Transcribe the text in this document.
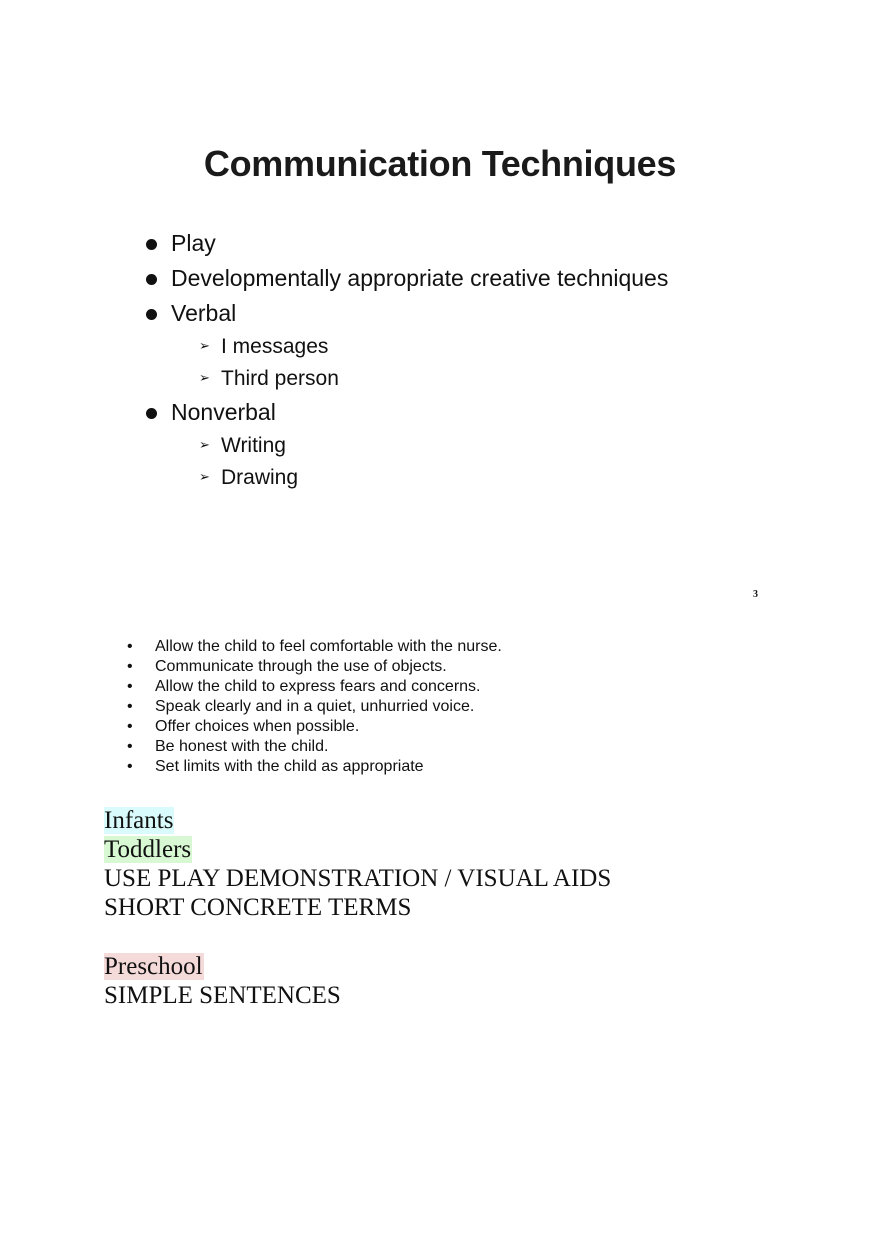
Communication Techniques
Play
Developmentally appropriate creative techniques
Verbal
➢ I messages
➢ Third person
Nonverbal
➢ Writing
➢ Drawing
3
• Allow the child to feel comfortable with the nurse.
• Communicate through the use of objects.
• Allow the child to express fears and concerns.
• Speak clearly and in a quiet, unhurried voice.
• Offer choices when possible.
• Be honest with the child.
• Set limits with the child as appropriate
Infants
Toddlers
USE PLAY DEMONSTRATION / VISUAL AIDS
SHORT CONCRETE TERMS
Preschool
SIMPLE SENTENCES
